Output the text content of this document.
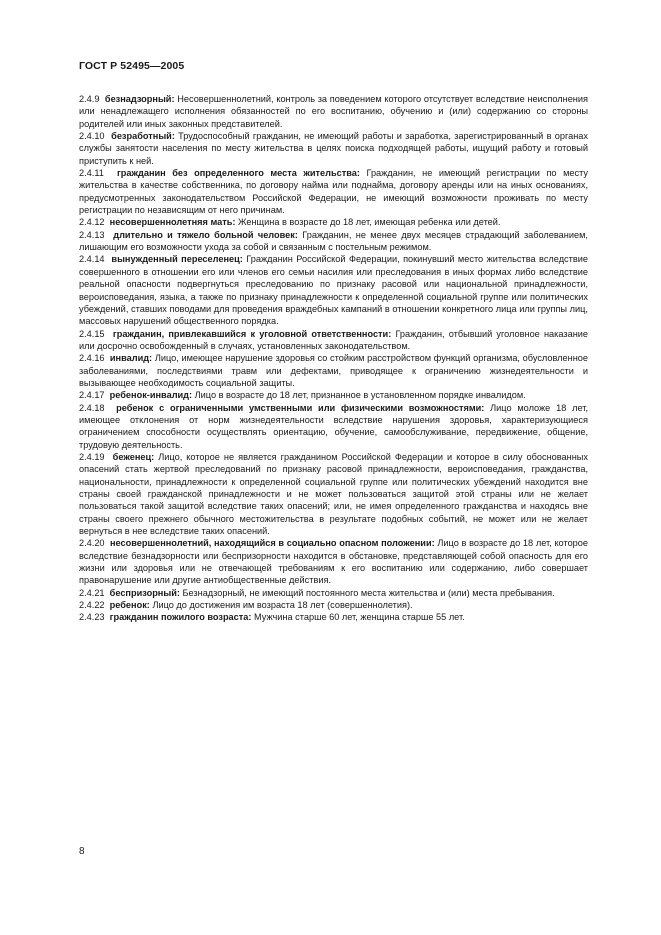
ГОСТ Р 52495—2005

2.4.9 безнадзорный: Несовершеннолетний, контроль за поведением которого отсутствует вследствие неисполнения или ненадлежащего исполнения обязанностей по его воспитанию, обучению и (или) содержанию со стороны родителей или иных законных представителей.

2.4.10 безработный: Трудоспособный гражданин, не имеющий работы и заработка, зарегистрированный в органах службы занятости населения по месту жительства в целях поиска подходящей работы, ищущий работу и готовый приступить к ней.

2.4.11 гражданин без определенного места жительства: Гражданин, не имеющий регистрации по месту жительства в качестве собственника, по договору найма или поднайма, договору аренды или на иных основаниях, предусмотренных законодательством Российской Федерации, не имеющий возможности проживать по месту регистрации по независящим от него причинам.

2.4.12 несовершеннолетняя мать: Женщина в возрасте до 18 лет, имеющая ребенка или детей.

2.4.13 длительно и тяжело больной человек: Гражданин, не менее двух месяцев страдающий заболеванием, лишающим его возможности ухода за собой и связанным с постельным режимом.

2.4.14 вынужденный переселенец: Гражданин Российской Федерации, покинувший место жительства вследствие совершенного в отношении его или членов его семьи насилия или преследования в иных формах либо вследствие реальной опасности подвергнуться преследованию по признаку расовой или национальной принадлежности, вероисповедания, языка, а также по признаку принадлежности к определенной социальной группе или политических убеждений, ставших поводами для проведения враждебных кампаний в отношении конкретного лица или группы лиц, массовых нарушений общественного порядка.

2.4.15 гражданин, привлекавшийся к уголовной ответственности: Гражданин, отбывший уголовное наказание или досрочно освобожденный в случаях, установленных законодательством.

2.4.16 инвалид: Лицо, имеющее нарушение здоровья со стойким расстройством функций организма, обусловленное заболеваниями, последствиями травм или дефектами, приводящее к ограничению жизнедеятельности и вызывающее необходимость социальной защиты.

2.4.17 ребенок-инвалид: Лицо в возрасте до 18 лет, признанное в установленном порядке инвалидом.

2.4.18 ребенок с ограниченными умственными или физическими возможностями: Лицо моложе 18 лет, имеющее отклонения от норм жизнедеятельности вследствие нарушения здоровья, характеризующиеся ограничением способности осуществлять ориентацию, обучение, самообслуживание, передвижение, общение, трудовую деятельность.

2.4.19 беженец: Лицо, которое не является гражданином Российской Федерации и которое в силу обоснованных опасений стать жертвой преследований по признаку расовой принадлежности, вероисповедания, гражданства, национальности, принадлежности к определенной социальной группе или политических убеждений находится вне страны своей гражданской принадлежности и не может пользоваться защитой этой страны или не желает пользоваться такой защитой вследствие таких опасений; или, не имея определенного гражданства и находясь вне страны своего прежнего обычного местожительства в результате подобных событий, не может или не желает вернуться в нее вследствие таких опасений.

2.4.20 несовершеннолетний, находящийся в социально опасном положении: Лицо в возрасте до 18 лет, которое вследствие безнадзорности или беспризорности находится в обстановке, представляющей собой опасность для его жизни или здоровья или не отвечающей требованиям к его воспитанию или содержанию, либо совершает правонарушение или другие антиобщественные действия.

2.4.21 беспризорный: Безнадзорный, не имеющий постоянного места жительства и (или) места пребывания.

2.4.22 ребенок: Лицо до достижения им возраста 18 лет (совершеннолетия).

2.4.23 гражданин пожилого возраста: Мужчина старше 60 лет, женщина старше 55 лет.

8
